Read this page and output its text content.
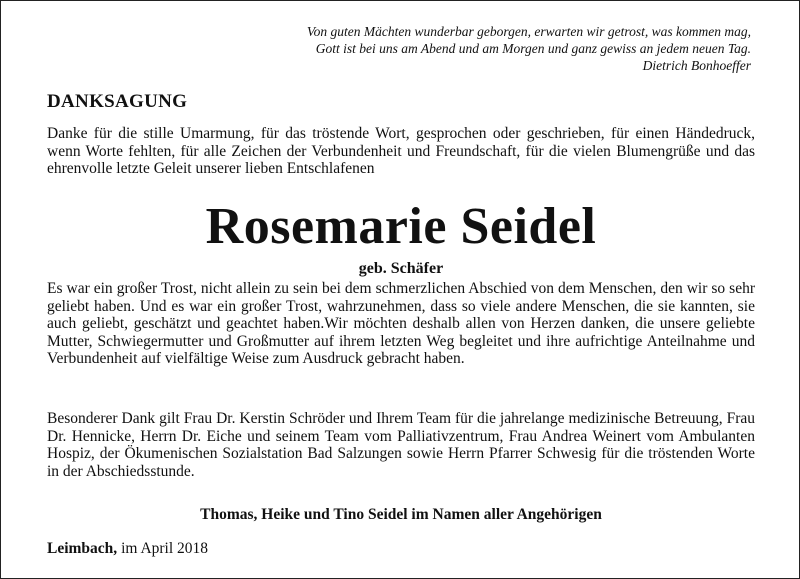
Von guten Mächten wunderbar geborgen, erwarten wir getrost, was kommen mag,
Gott ist bei uns am Abend und am Morgen und ganz gewiss an jedem neuen Tag.
Dietrich Bonhoeffer
DANKSAGUNG
Danke für die stille Umarmung, für das tröstende Wort, gesprochen oder geschrieben, für einen Händedruck, wenn Worte fehlten, für alle Zeichen der Verbundenheit und Freundschaft, für die vielen Blumengrüße und das ehrenvolle letzte Geleit unserer lieben Entschlafenen
Rosemarie Seidel
geb. Schäfer
Es war ein großer Trost, nicht allein zu sein bei dem schmerzlichen Abschied von dem Menschen, den wir so sehr geliebt haben. Und es war ein großer Trost, wahrzunehmen, dass so viele andere Menschen, die sie kannten, sie auch geliebt, geschätzt und geachtet haben.Wir möchten deshalb allen von Herzen danken, die unsere geliebte Mutter, Schwiegermutter und Großmutter auf ihrem letzten Weg begleitet und ihre aufrichtige Anteilnahme und Verbundenheit auf vielfältige Weise zum Ausdruck gebracht haben.
Besonderer Dank gilt Frau Dr. Kerstin Schröder und Ihrem Team für die jahrelange medizinische Betreuung, Frau Dr. Hennicke, Herrn Dr. Eiche und seinem Team vom Palliativzentrum, Frau Andrea Weinert vom Ambulanten Hospiz, der Ökumenischen Sozialstation Bad Salzungen sowie Herrn Pfarrer Schwesig für die tröstenden Worte in der Abschiedsstunde.
Thomas, Heike und Tino Seidel im Namen aller Angehörigen
Leimbach, im April 2018
